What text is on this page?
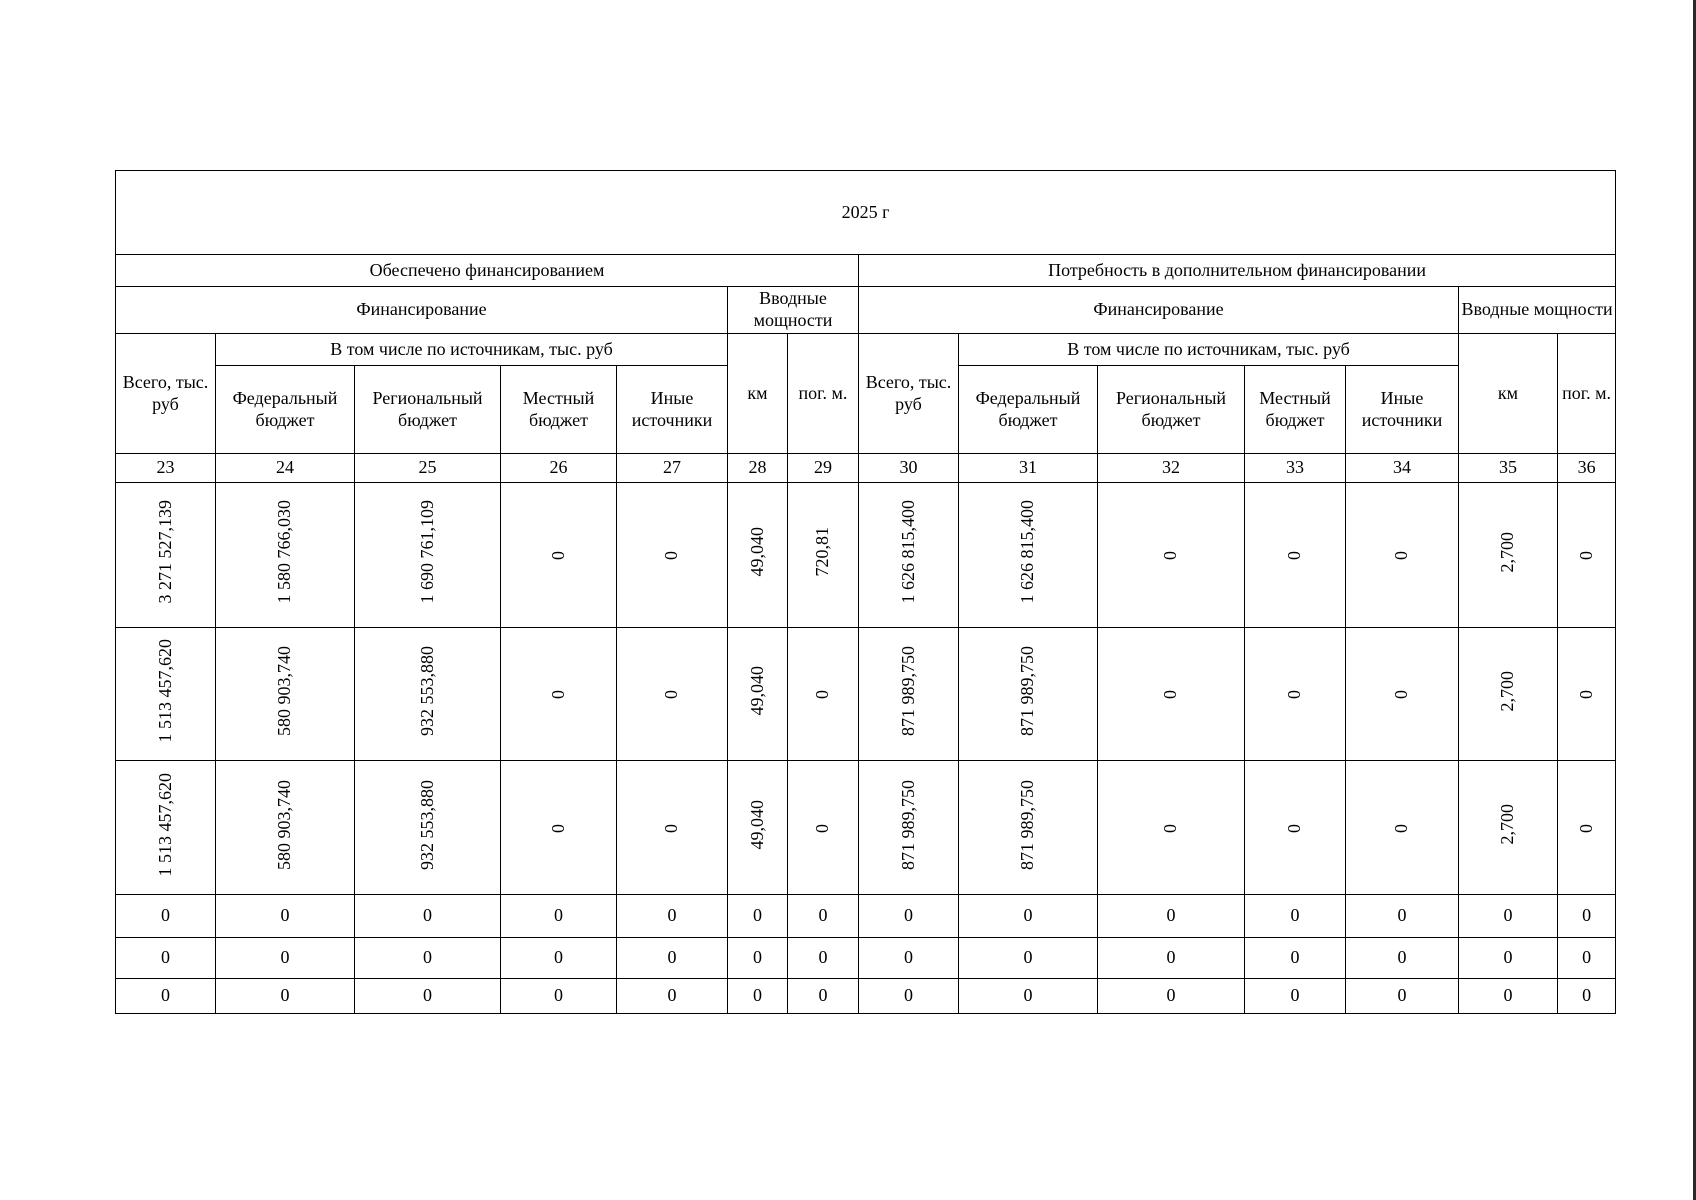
2025 г													
Обеспечено финансированием							Потребность в дополнительном финансировании						
Финансирование					Вводные мощности		Финансирование					Вводные мощности	
Всего, тыс. руб	В том числе по источникам, тыс. руб				км	пог. м.	Всего, тыс. руб	В том числе по источникам, тыс. руб				км	пог. м.
	Федеральный бюджет	Региональный бюджет	Местный бюджет	Иные источники				Федеральный бюджет	Региональный бюджет	Местный бюджет	Иные источники		
23	24	25	26	27	28	29	30	31	32	33	34	35	36
3 271 527,139	1 580 766,030	1 690 761,109	0	0	49,040	720,81	1 626 815,400	1 626 815,400	0	0	0	2,700	0
1 513 457,620	580 903,740	932 553,880	0	0	49,040	0	871 989,750	871 989,750	0	0	0	2,700	0
1 513 457,620	580 903,740	932 553,880	0	0	49,040	0	871 989,750	871 989,750	0	0	0	2,700	0
0	0	0	0	0	0	0	0	0	0	0	0	0	0
0	0	0	0	0	0	0	0	0	0	0	0	0	0
0	0	0	0	0	0	0	0	0	0	0	0	0	0
